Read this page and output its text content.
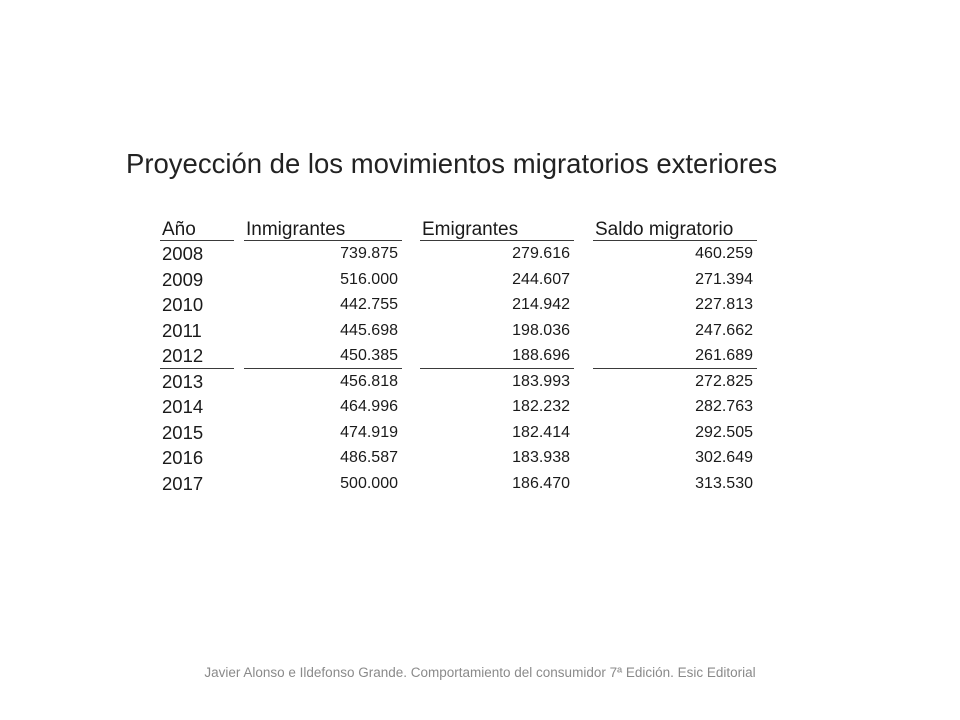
Proyección de los movimientos migratorios exteriores
Año
2008
2009
2010
2011
2012
2013
2014
2015
2016
2017
Inmigrantes
739.875
516.000
442.755
445.698
450.385
456.818
464.996
474.919
486.587
500.000
Emigrantes
279.616
244.607
214.942
198.036
188.696
183.993
182.232
182.414
183.938
186.470
Saldo migratorio
460.259
271.394
227.813
247.662
261.689
272.825
282.763
292.505
302.649
313.530
Javier Alonso e Ildefonso Grande. Comportamiento del consumidor 7ª Edición. Esic Editorial
